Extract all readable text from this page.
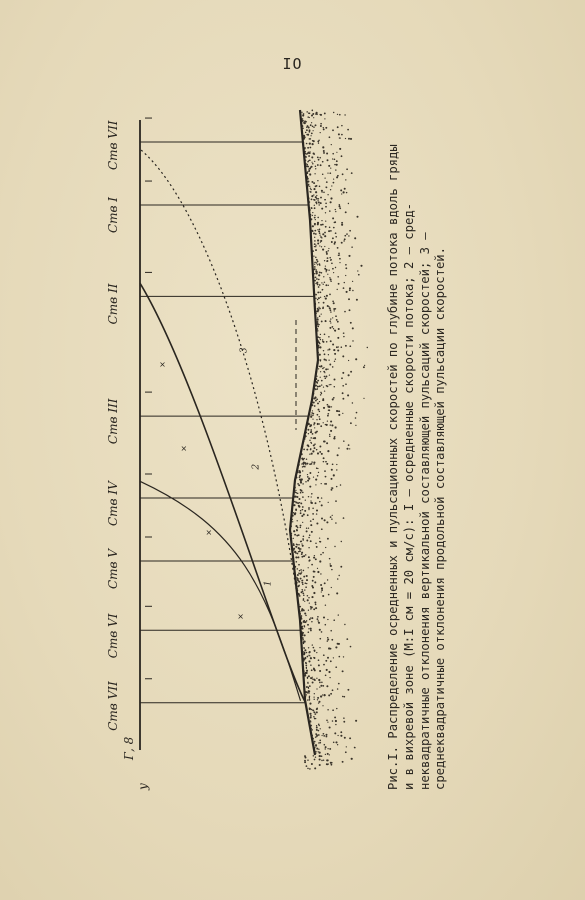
IO
×
×
×
×
1
2
3
Ств VII
Ств I
Ств II
Ств III
Ств IV
Ств V
Ств VI
Ств VII
Г, 8
у	Рис.I. Распределение осредненных и пульсационных скоростей по глубине потока вдоль гряды и в вихревой зоне (М:I см = 20 см/с): I – осредненные скорости потока; 2 – сред- неквадратичные отклонения вертикальной составляющей пульсаций скоростей; 3 – среднеквадратичные отклонения продольной составляющей пульсации скоростей.
